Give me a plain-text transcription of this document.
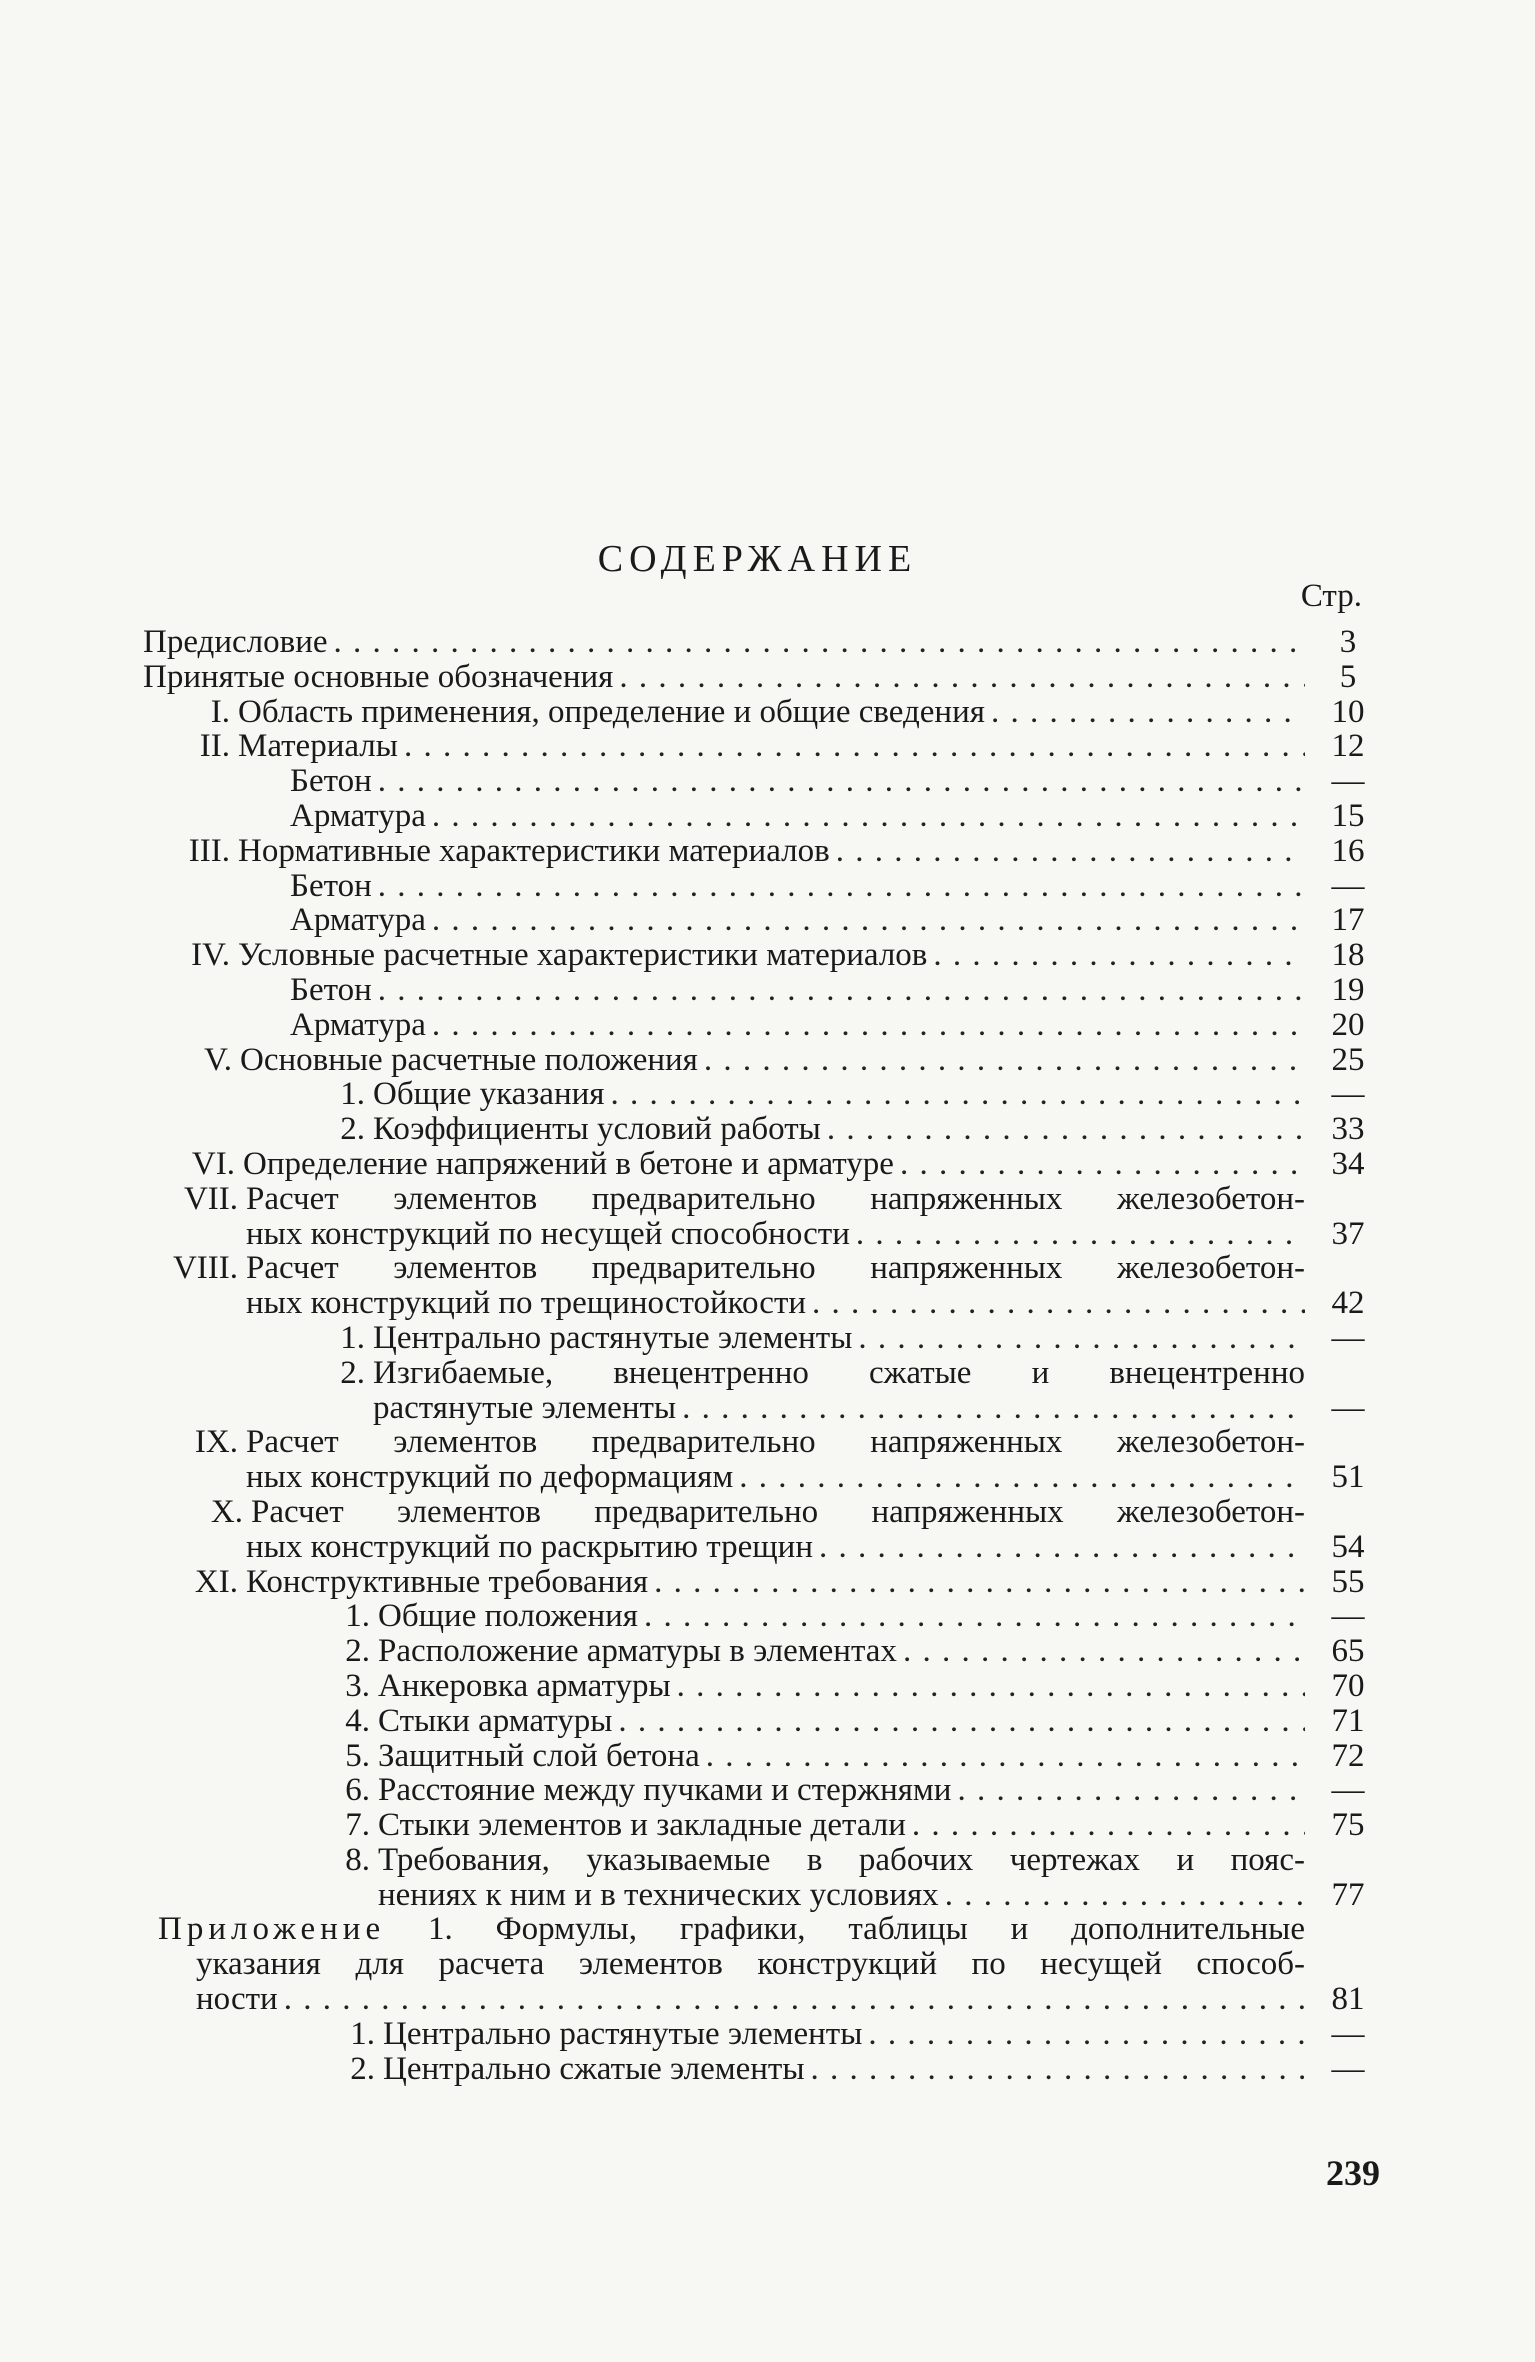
СОДЕРЖАНИЕ
Стр.
Предисловие . . .	3
Принятые основные обозначения . . .	5
I. Область применения, определение и общие сведения . . .	10
II. Материалы . . .	12
Бетон . . .	—
Арматура . . .	15
III. Нормативные характеристики материалов . . .	16
Бетон . . .	—
Арматура . . .	17
IV. Условные расчетные характеристики материалов . . .	18
Бетон . . .	19
Арматура . . .	20
V. Основные расчетные положения . . .	25
1. Общие указания . . .	—
2. Коэффициенты условий работы . . .	33
VI. Определение напряжений в бетоне и арматуре . . .	34
VII. Расчет элементов предварительно напряженных железобетон-
ных конструкций по несущей способности . . .	37
VIII. Расчет элементов предварительно напряженных железобетон-
ных конструкций по трещиностойкости . . .	42
1. Центрально растянутые элементы . . .	—
2. Изгибаемые, внецентренно сжатые и внецентренно
растянутые элементы . . .	—
IX. Расчет элементов предварительно напряженных железобетон-
ных конструкций по деформациям . . .	51
X. Расчет элементов предварительно напряженных железобетон-
ных конструкций по раскрытию трещин . . .	54
XI. Конструктивные требования . . .	55
1. Общие положения . . .	—
2. Расположение арматуры в элементах . . .	65
3. Анкеровка арматуры . . .	70
4. Стыки арматуры . . .	71
5. Защитный слой бетона . . .	72
6. Расстояние между пучками и стержнями . . .	—
7. Стыки элементов и закладные детали . . .	75
8. Требования, указываемые в рабочих чертежах и пояс-
нениях к ним и в технических условиях . . .	77
Приложение 1. Формулы, графики, таблицы и дополнительные
указания для расчета элементов конструкций по несущей способ-
ности . . .	81
1. Центрально растянутые элементы . . .	—
2. Центрально сжатые элементы . . .	—
239
